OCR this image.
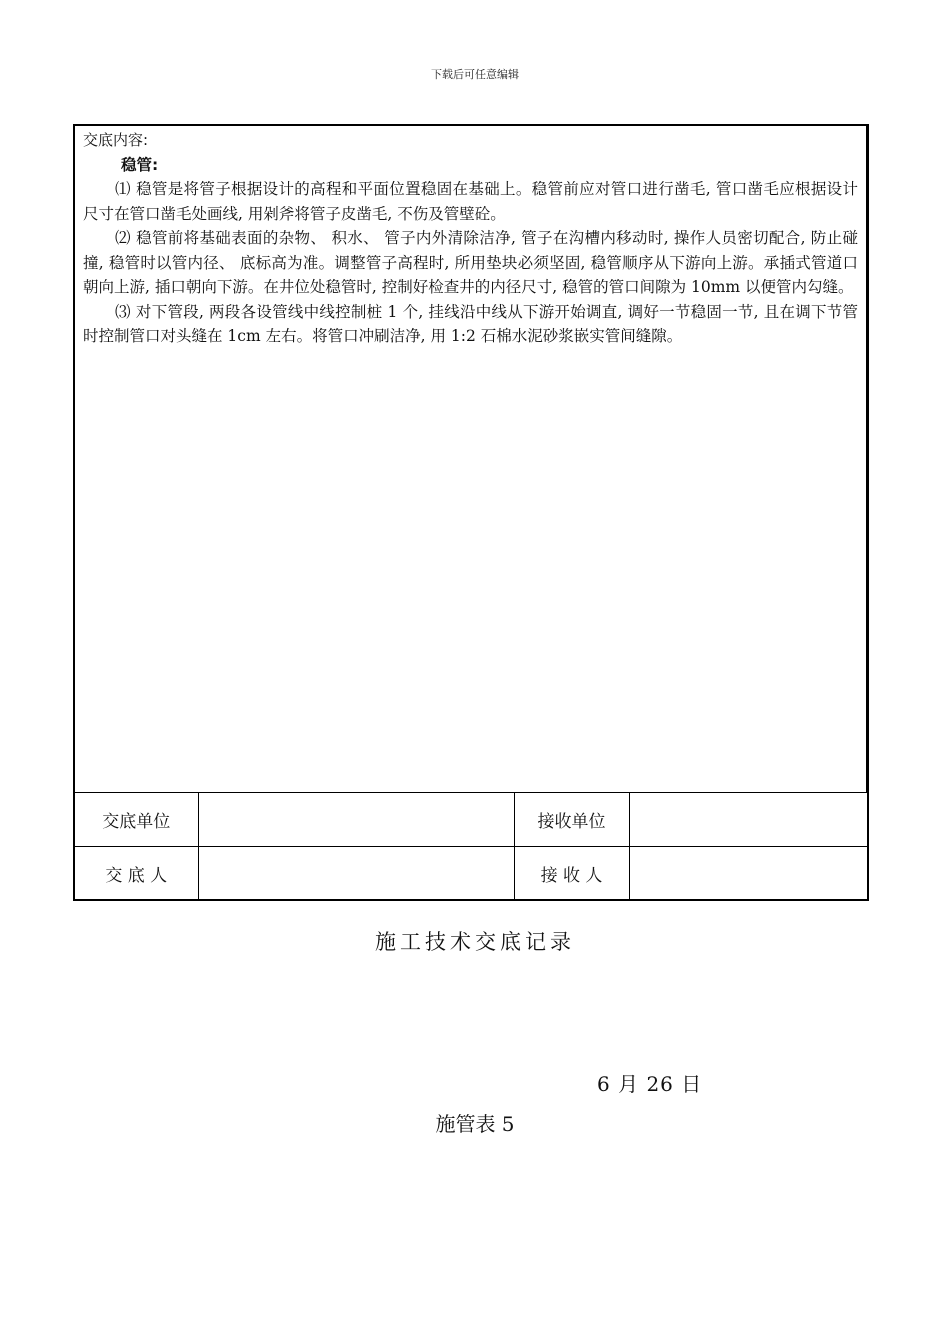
下载后可任意编辑

交底内容:

稳管:

⑴ 稳管是将管子根据设计的高程和平面位置稳固在基础上。稳管前应对管口进行凿毛, 管口凿毛应根据设计尺寸在管口凿毛处画线, 用剁斧将管子皮凿毛, 不伤及管壁砼。

⑵ 稳管前将基础表面的杂物、 积水、 管子内外清除洁净, 管子在沟槽内移动时, 操作人员密切配合, 防止碰撞, 稳管时以管内径、 底标高为准。调整管子高程时, 所用垫块必须坚固, 稳管顺序从下游向上游。承插式管道口朝向上游, 插口朝向下游。在井位处稳管时, 控制好检查井的内径尺寸, 稳管的管口间隙为 10mm 以便管内勾缝。

⑶ 对下管段, 两段各设管线中线控制桩 1 个, 挂线沿中线从下游开始调直, 调好一节稳固一节, 且在调下节管时控制管口对头缝在 1cm 左右。将管口冲刷洁净, 用 1:2 石棉水泥砂浆嵌实管间缝隙。

交底单位		接收单位	
交 底 人		接 收 人	
施工技术交底记录
6 月 26 日
施管表 5
